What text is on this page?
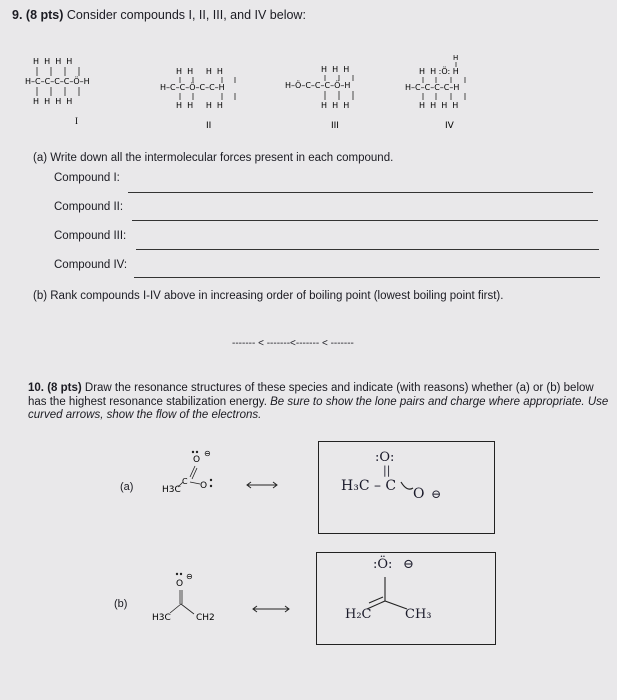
9. (8 pts) Consider compounds I, II, III, and IV below:
H  H  H  H
H–C–C–C–C–Ö–H
H  H  H  H
I
H  H     H  H
H–C–C–Ö–C–C–H
H  H     H  H
II
H  H  H
H–Ö–C–C–C–Ö–H
H  H  H
III
H
H  H :Ö: H
H–C–C–C–C–H
H  H  H  H
IV
(a) Write down all the intermolecular forces present in each compound.
Compound I:
Compound II:
Compound III:
Compound IV:
(b) Rank compounds I-IV above in increasing order of boiling point (lowest boiling point first).
------- < -------<------- < -------
10. (8 pts) Draw the resonance structures of these species and indicate (with reasons) whether (a) or (b) below has the highest resonance stabilization energy. Be sure to show the lone pairs and charge where appropriate. Use curved arrows, show the flow of the electrons.
(a)	H3C
C
O
⊖
O
:O:
||
H₃C – C O ⊖
(b)
O
⊖
H3C	CH2
:Ö: ⊖
H₂C	CH₃
